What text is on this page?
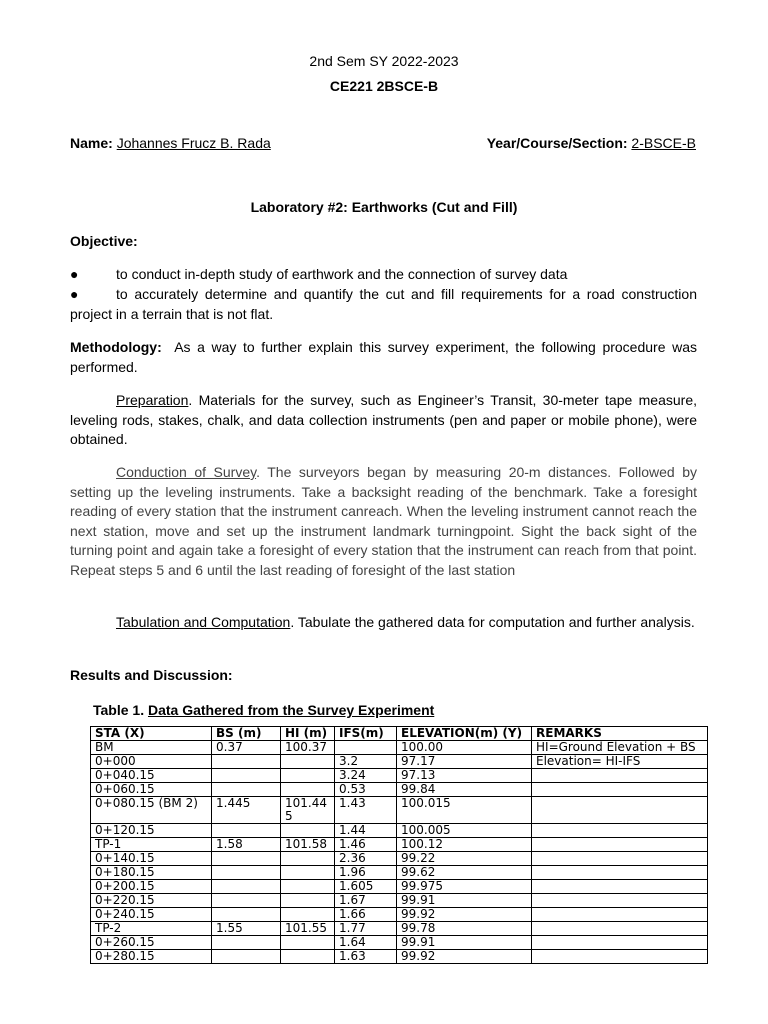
2nd Sem SY 2022-2023
CE221 2BSCE-B
Name: Johannes Frucz B. Rada	Year/Course/Section: 2-BSCE-B
Laboratory #2: Earthworks (Cut and Fill)
Objective:
●	to conduct in-depth study of earthwork and the connection of survey data
●	to accurately determine and quantify the cut and fill requirements for a road construction project in a terrain that is not flat.

Methodology: As a way to further explain this survey experiment, the following procedure was performed.

Preparation. Materials for the survey, such as Engineer’s Transit, 30-meter tape measure, leveling rods, stakes, chalk, and data collection instruments (pen and paper or mobile phone), were obtained.

Conduction of Survey. The surveyors began by measuring 20-m distances. Followed by setting up the leveling instruments. Take a backsight reading of the benchmark. Take a foresight reading of every station that the instrument canreach. When the leveling instrument cannot reach the next station, move and set up the instrument landmark turningpoint. Sight the back sight of the turning point and again take a foresight of every station that the instrument can reach from that point. Repeat steps 5 and 6 until the last reading of foresight of the last station

Tabulation and Computation. Tabulate the gathered data for computation and further analysis.

Results and Discussion:
Table 1. Data Gathered from the Survey Experiment
STA (X)	BS (m)	HI (m)	IFS(m)	ELEVATION(m) (Y)	REMARKS
BM	0.37	100.37		100.00	HI=Ground Elevation + BS
0+000			3.2	97.17	Elevation= HI-IFS
0+040.15			3.24	97.13	
0+060.15			0.53	99.84	
0+080.15 (BM 2)	1.445	101.445	1.43	100.015	
0+120.15			1.44	100.005	
TP-1	1.58	101.58	1.46	100.12	
0+140.15			2.36	99.22	
0+180.15			1.96	99.62	
0+200.15			1.605	99.975	
0+220.15			1.67	99.91	
0+240.15			1.66	99.92	
TP-2	1.55	101.55	1.77	99.78	
0+260.15			1.64	99.91	
0+280.15			1.63	99.92	
